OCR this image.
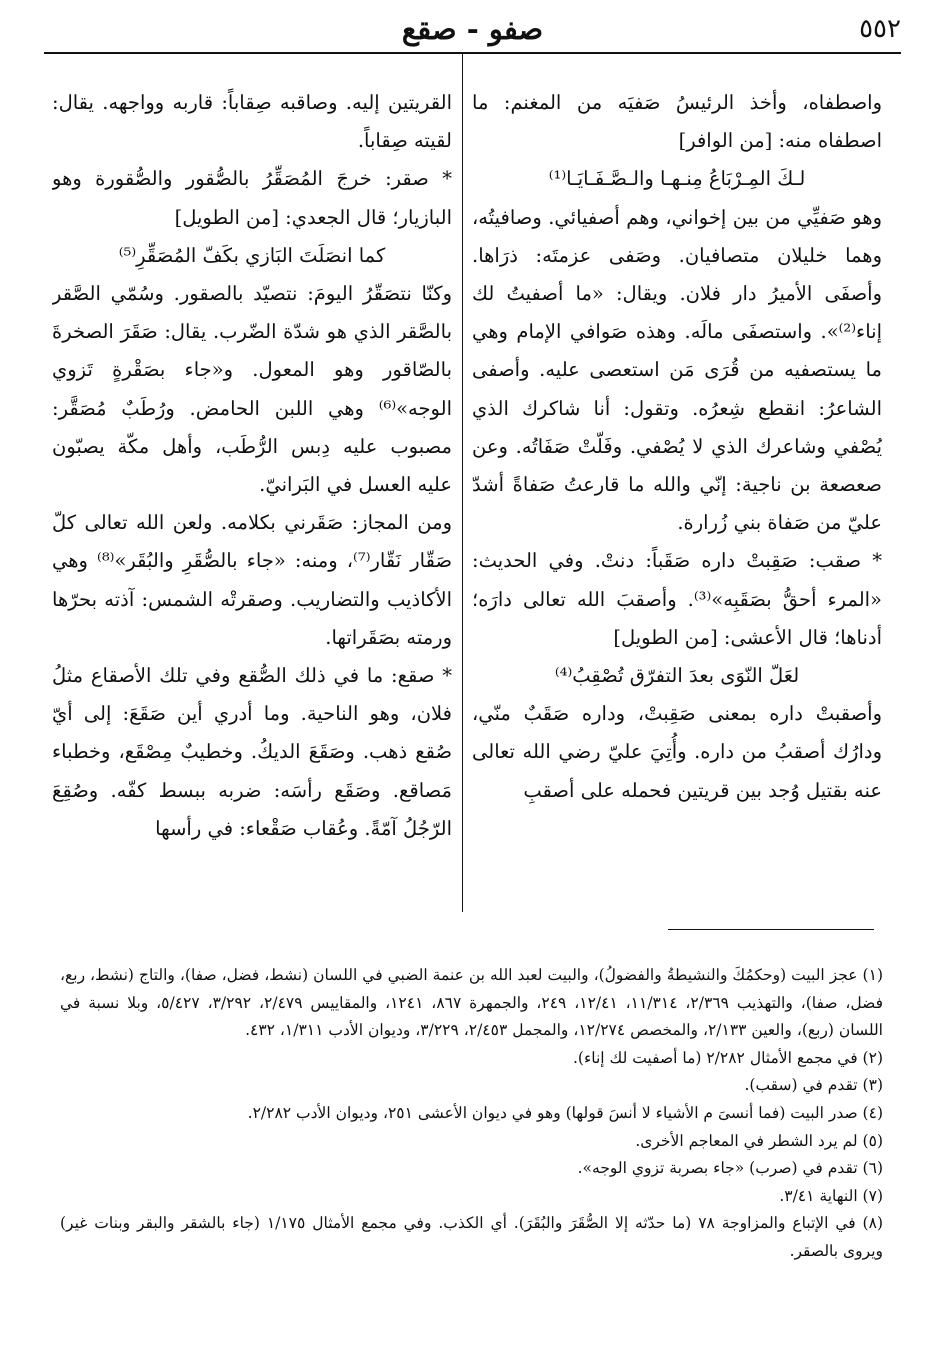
٥٥٢
صفو - صقع

واصطفاه، وأخذ الرئيسُ صَفيَه من المغنم: ما اصطفاه منه: [من الوافر]

لـكَ المِـرْبَاعُ مِنـهـا والـصَّـفَـايَـا⁽¹⁾

وهو صَفيِّي من بين إخواني، وهم أصفيائي. وصافيتُه، وهما خليلان متصافيان. وصَفى عزمتَه: ذرَاها. وأصفَى الأميرُ دار فلان. ويقال: «ما أصفيتُ لك إناء⁽²⁾». واستصفَى مالَه. وهذه صَوافي الإمام وهي ما يستصفيه من قُرَى مَن استعصى عليه. وأصفى الشاعرُ: انقطع شِعرُه. وتقول: أنا شاكرك الذي يُصْفي وشاعرك الذي لا يُصْفي. وفَلّتْ صَفَاتُه. وعن صعصعة بن ناجية: إنّي والله ما قارعتُ صَفاةً أشدّ عليّ من صَفاة بني زُرارة.

* صقب: صَقِبتْ داره صَقَباً: دنتْ. وفي الحديث: «المرء أحقُّ بصَقَبِه»⁽³⁾. وأصقبَ الله تعالى دارَه؛ أدناها؛ قال الأعشى: [من الطويل]

لعَلّ النّوَى بعدَ التفرّق تُصْقِبُ⁽⁴⁾

وأصقبتْ داره بمعنى صَقِبتْ، وداره صَقَبٌ منّي، ودارُك أصقبُ من داره. وأُتِيَ عليّ رضي الله تعالى عنه بقتيل وُجد بين قريتين فحمله على أصقبِ

القريتين إليه. وصاقبه صِقاباً: قاربه وواجهه. يقال: لقيته صِقاباً.

* صقر: خرجَ المُصَقِّرُ بالصُّقور والصُّقورة وهو البازيار؛ قال الجعدي: [من الطويل]

كما انصَلَتَ البَازي بكَفّ المُصَقِّرِ⁽⁵⁾

وكنّا نتصَقّرُ اليومَ: نتصيّد بالصقور. وسُمّي الصَّقر بالصَّقر الذي هو شدّة الضّرب. يقال: صَقَرَ الصخرةَ بالصّاقور وهو المعول. و«جاء بصَقْرةٍ تَزوي الوجه»⁽⁶⁾ وهي اللبن الحامض. ورُطَبٌ مُصَقَّر: مصبوب عليه دِبس الرُّطَب، وأهل مكّة يصبّون عليه العسل في البَرانيّ.

ومن المجاز: صَقَرني بكلامه. ولعن الله تعالى كلّ صَقّار نَقّار⁽⁷⁾، ومنه: «جاء بالصُّقَرِ والبُقَر»⁽⁸⁾ وهي الأكاذيب والتضاريب. وصقرتْه الشمس: آذته بحرّها ورمته بصَقَراتها.

* صقع: ما في ذلك الصُّقع وفي تلك الأصقاع مثلُ فلان، وهو الناحية. وما أدري أين صَقَعَ: إلى أيّ صُقع ذهب. وصَقَعَ الديكُ. وخطيبٌ مِصْقَع، وخطباء مَصاقع. وصَقَع رأسَه: ضربه ببسط كفّه. وصُقِعَ الرّجُلُ آمّةً. وعُقاب صَقْعاء: في رأسها

(١) عجز البيت (وحكمُكَ والنشيطةُ والفضولُ)، والبيت لعبد الله بن عنمة الضبي في اللسان (نشط، فضل، صفا)، والتاج (نشط، ربع، فضل، صفا)، والتهذيب ٢/٣٦٩، ١١/٣١٤، ١٢/٤١، ٢٤٩، والجمهرة ٨٦٧، ١٢٤١، والمقاييس ٢/٤٧٩، ٣/٢٩٢، ٥/٤٢٧، وبلا نسبة في اللسان (ربع)، والعين ٢/١٣٣، والمخصص ١٢/٢٧٤، والمجمل ٢/٤٥٣، ٣/٢٢٩، وديوان الأدب ١/٣١١، ٤٣٢.

(٢) في مجمع الأمثال ٢/٢٨٢ (ما أصفيت لك إناء).

(٣) تقدم في (سقب).

(٤) صدر البيت (فما أنسىَ م الأشياء لا أنسَ قولها) وهو في ديوان الأعشى ٢٥١، وديوان الأدب ٢/٢٨٢.

(٥) لم يرد الشطر في المعاجم الأخرى.

(٦) تقدم في (صرب) «جاء بصربة تزوي الوجه».

(٧) النهاية ٣/٤١.

(٨) في الإتباع والمزاوجة ٧٨ (ما حدّثه إلا الصُّقَرَ والبُقَرَ). أي الكذب. وفي مجمع الأمثال ١/١٧٥ (جاء بالشقر والبقر وبنات غير) ويروى بالصقر.
